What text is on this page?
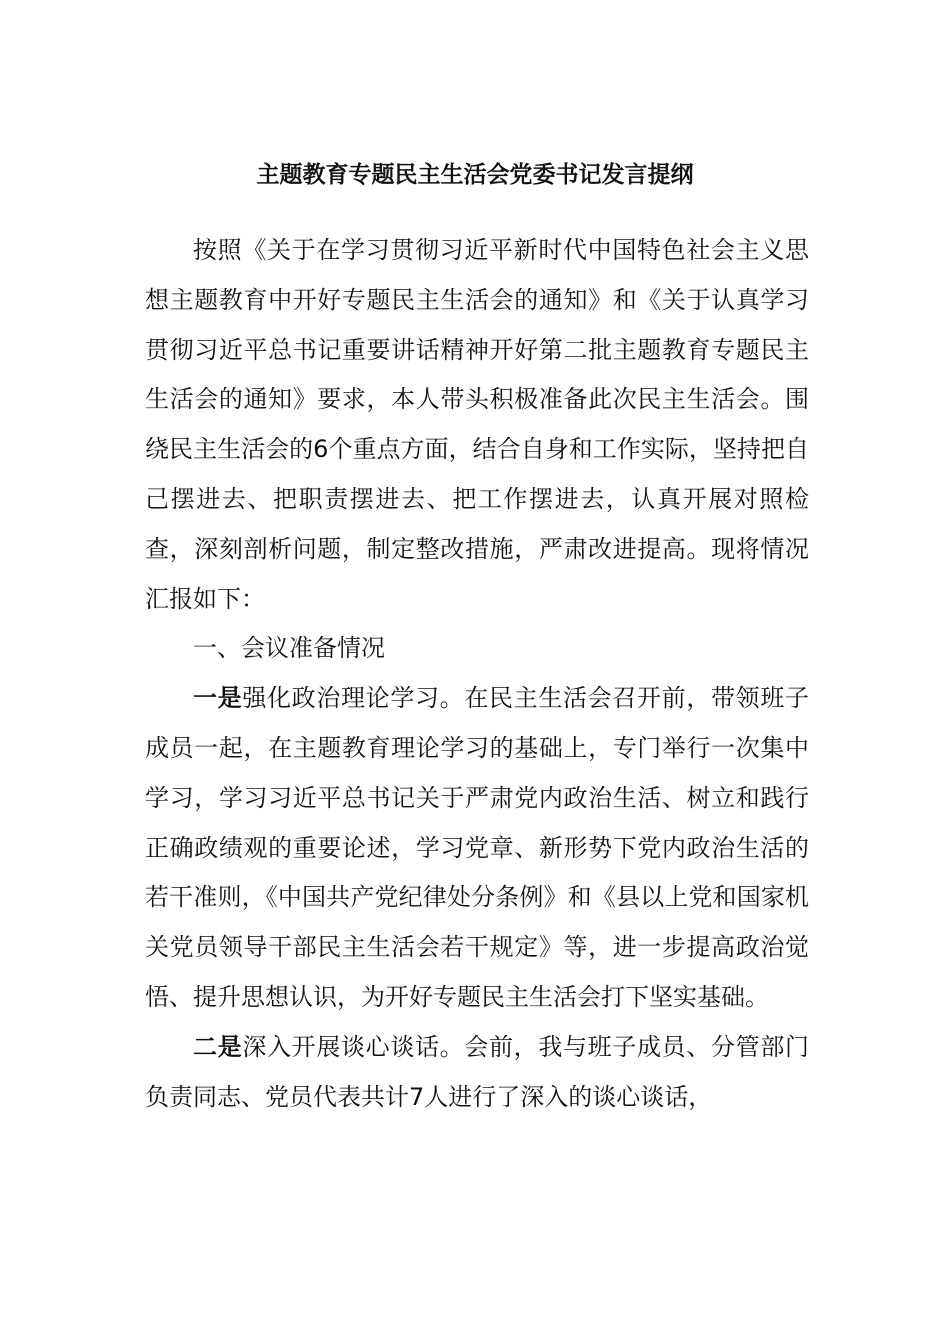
主题教育专题民主生活会党委书记发言提纲

按照《关于在学习贯彻习近平新时代中国特色社会主义思想主题教育中开好专题民主生活会的通知》和《关于认真学习贯彻习近平总书记重要讲话精神开好第二批主题教育专题民主生活会的通知》要求，本人带头积极准备此次民主生活会。围绕民主生活会的6个重点方面，结合自身和工作实际，坚持把自己摆进去、把职责摆进去、把工作摆进去，认真开展对照检查，深刻剖析问题，制定整改措施，严肃改进提高。现将情况汇报如下：

一、会议准备情况

一是强化政治理论学习。在民主生活会召开前，带领班子成员一起，在主题教育理论学习的基础上，专门举行一次集中学习，学习习近平总书记关于严肃党内政治生活、树立和践行正确政绩观的重要论述，学习党章、新形势下党内政治生活的若干准则，《中国共产党纪律处分条例》和《县以上党和国家机关党员领导干部民主生活会若干规定》等，进一步提高政治觉悟、提升思想认识，为开好专题民主生活会打下坚实基础。

二是深入开展谈心谈话。会前，我与班子成员、分管部门负责同志、党员代表共计7人进行了深入的谈心谈话，
